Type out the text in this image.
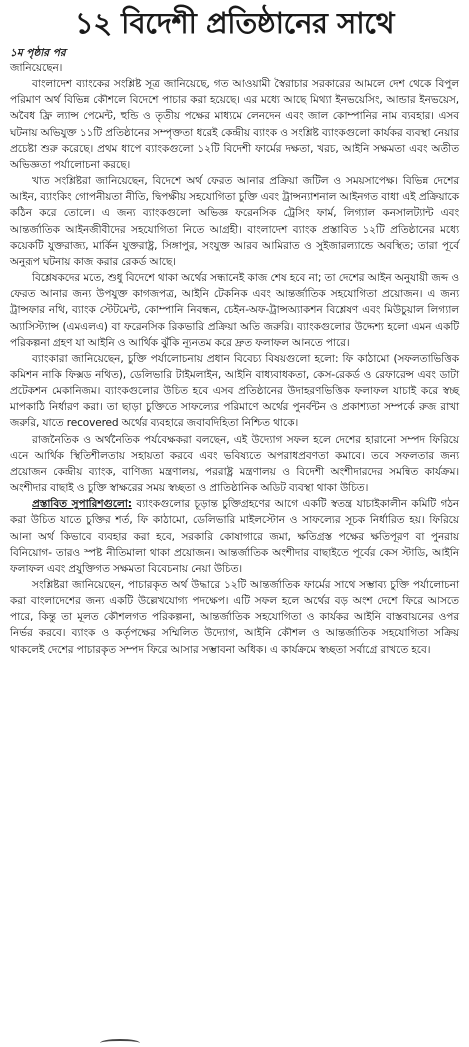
১২ বিদেশী প্রতিষ্ঠানের সাথে
১ম পৃষ্ঠার পর

জানিয়েছেন।

বাংলাদেশ ব্যাংকের সংশ্লিষ্ট সূত্র জানিয়েছে, গত আওয়ামী স্বৈরাচার সরকারের আমলে দেশ থেকে বিপুল পরিমাণ অর্থ বিভিন্ন কৌশলে বিদেশে পাচার করা হয়েছে। এর মধ্যে আছে মিথ্যা ইনভয়েসিং, আন্ডার ইনভয়েস, অবৈধ ফ্রি ল্যান্স পেমেন্ট, হুন্ডি ও তৃতীয় পক্ষের মাধ্যমে লেনদেন এবং জাল কোম্পানির নাম ব্যবহার। এসব ঘটনায় অভিযুক্ত ১১টি প্রতিষ্ঠানের সম্পৃক্ততা ধরেই কেন্দ্রীয় ব্যাংক ও সংশ্লিষ্ট ব্যাংকগুলো কার্যকর ব্যবস্থা নেয়ার প্রচেষ্টা শুরু করেছে। প্রথম ধাপে ব্যাংকগুলো ১২টি বিদেশী ফার্মের দক্ষতা, খরচ, আইনি সক্ষমতা এবং অতীত অভিজ্ঞতা পর্যালোচনা করছে।

খাত সংশ্লিষ্টরা জানিয়েছেন, বিদেশে অর্থ ফেরত আনার প্রক্রিয়া জটিল ও সময়সাপেক্ষ। বিভিন্ন দেশের আইন, ব্যাংকিং গোপনীয়তা নীতি, দ্বিপক্ষীয় সহযোগিতা চুক্তি এবং ট্রান্সন্যাশনাল আইনগত বাধা এই প্রক্রিয়াকে কঠিন করে তোলে। এ জন্য ব্যাংকগুলো অভিজ্ঞ ফরেনসিক ট্রেসিং ফার্ম, লিগ্যাল কনসালট্যান্ট এবং আন্তর্জাতিক আইনজীবীদের সহযোগিতা নিতে আগ্রহী। বাংলাদেশ ব্যাংক প্রস্তাবিত ১২টি প্রতিষ্ঠানের মধ্যে কয়েকটি যুক্তরাজ্য, মার্কিন যুক্তরাষ্ট্র, সিঙ্গাপুর, সংযুক্ত আরব আমিরাত ও সুইজারল্যান্ডে অবস্থিত; তারা পূর্বে অনুরূপ ঘটনায় কাজ করার রেকর্ড আছে।

বিশ্লেষকদের মতে, শুধু বিদেশে থাকা অর্থের সন্ধানেই কাজ শেষ হবে না; তা দেশের আইন অনুযায়ী জব্দ ও ফেরত আনার জন্য উপযুক্ত কাগজপত্র, আইনি টেকনিক এবং আন্তর্জাতিক সহযোগিতা প্রয়োজন। এ জন্য ট্রান্সফার নথি, ব্যাংক স্টেটমেন্ট, কোম্পানি নিবন্ধন, চেইন-অফ-ট্রান্সঅ্যাকশন বিশ্লেষণ এবং মিউচুয়াল লিগ্যাল অ্যাসিস্ট্যান্স (এমএলএ) বা ফরেনসিক রিকভারি প্রক্রিয়া অতি জরুরি। ব্যাংকগুলোর উদ্দেশ্য হলো এমন একটি পরিকল্পনা গ্রহণ যা আইনি ও আর্থিক ঝুঁকি ন্যূনতম করে দ্রুত ফলাফল আনতে পারে।

ব্যাংকারা জানিয়েছেন, চুক্তি পর্যালোচনায় প্রধান বিবেচ্য বিষয়গুলো হলো: ফি কাঠামো (সফলতাভিত্তিক কমিশন নাকি ফিক্সড নথিত), ডেলিভারি টাইমলাইন, আইনি বাধ্যবাধকতা, কেস-রেকর্ড ও রেফারেন্স এবং ডাটা প্রটেকশন মেকানিজম। ব্যাংকগুলোর উচিত হবে এসব প্রতিষ্ঠানের উদাহরণভিত্তিক ফলাফল যাচাই করে স্বচ্ছ মাপকাঠি নির্ধারণ করা। তা ছাড়া চুক্তিতে সাফল্যের পরিমাণে অর্থের পুনর্বন্টন ও প্রকাশ্যতা সম্পর্কে রুজ রাখা জরুরি, যাতে recovered অর্থের ব্যবহারে জবাবদিহিতা নিশ্চিত থাকে।

রাজনৈতিক ও অর্থনৈতিক পর্যবেক্ষকরা বলছেন, এই উদ্যোগ সফল হলে দেশের হারানো সম্পদ ফিরিয়ে এনে আর্থিক স্থিতিশীলতায় সহায়তা করবে এবং ভবিষ্যতে অপরাধপ্রবণতা কমাবে। তবে সফলতার জন্য প্রয়োজন কেন্দ্রীয় ব্যাংক, বাণিজ্য মন্ত্রণালয়, পররাষ্ট্র মন্ত্রণালয় ও বিদেশী অংশীদারদের সমন্বিত কার্যক্রম। অংশীদার বাছাই ও চুক্তি স্বাক্ষরের সময় স্বচ্ছতা ও প্রাতিষ্ঠানিক অডিট ব্যবস্থা থাকা উচিত।

প্রস্তাবিত সুপারিশগুলো: ব্যাংকগুলোর চূড়ান্ত চুক্তিগ্রহণের আগে একটি স্বতন্ত্র যাচাইকালীন কমিটি গঠন করা উচিত যাতে চুক্তির শর্ত, ফি কাঠামো, ডেলিভারি মাইলস্টোন ও সাফল্যের সূচক নির্ধারিত হয়। ফিরিয়ে আনা অর্থ কিভাবে ব্যবহার করা হবে, সরকারি কোষাগারে জমা, ক্ষতিগ্রস্ত পক্ষের ক্ষতিপূরণ বা পুনরায় বিনিয়োগ- তারও স্পষ্ট নীতিমালা থাকা প্রয়োজন। আন্তর্জাতিক অংশীদার বাছাইতে পূর্বের কেস স্টাডি, আইনি ফলাফল এবং প্রযুক্তিগত সক্ষমতা বিবেচনায় নেয়া উচিত।

সংশ্লিষ্টরা জানিয়েছেন, পাচারকৃত অর্থ উদ্ধারে ১২টি আন্তর্জাতিক ফার্মের সাথে সম্ভাব্য চুক্তি পর্যালোচনা করা বাংলাদেশের জন্য একটি উল্লেখযোগ্য পদক্ষেপ। এটি সফল হলে অর্থের বড় অংশ দেশে ফিরে আসতে পারে, কিন্তু তা মূলত কৌশলগত পরিকল্পনা, আন্তর্জাতিক সহযোগিতা ও কার্যকর আইনি বাস্তবায়নের ওপর নির্ভর করবে। ব্যাংক ও কর্তৃপক্ষের সম্মিলিত উদ্যোগ, আইনি কৌশল ও আন্তর্জাতিক সহযোগিতা সক্রিয় থাকলেই দেশের পাচারকৃত সম্পদ ফিরে আসার সম্ভাবনা অধিক। এ কার্যক্রমে স্বচ্ছতা সর্বাগ্রে রাখতে হবে।
